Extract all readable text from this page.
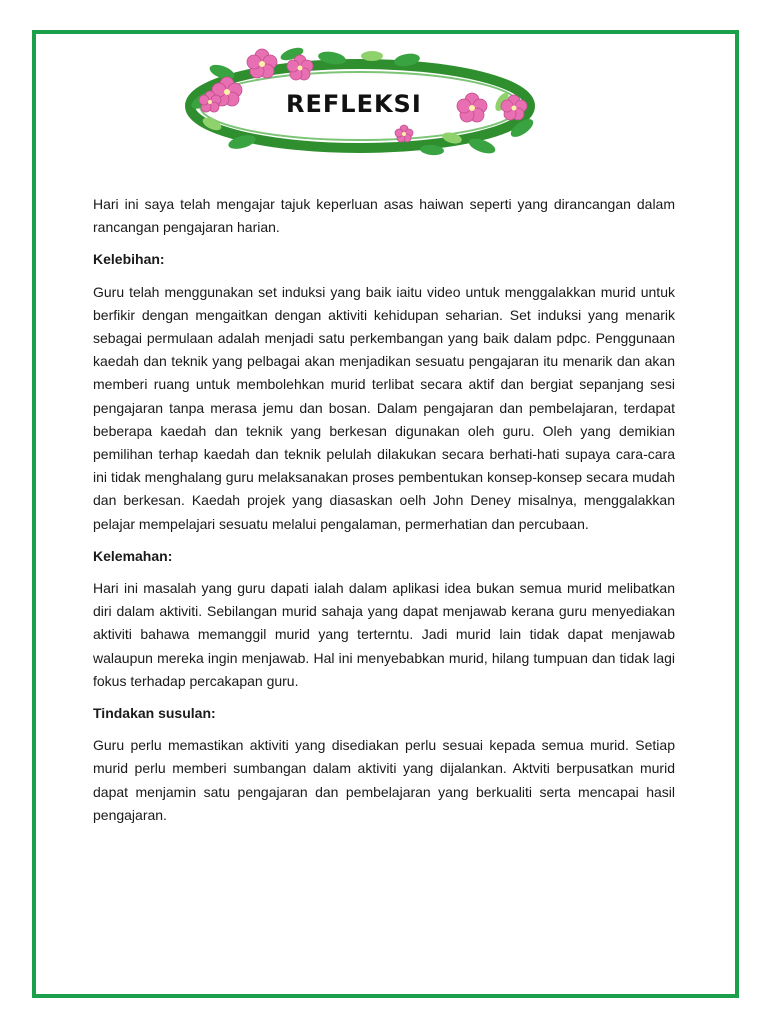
REFLEKSI

Hari ini saya telah mengajar tajuk keperluan asas haiwan seperti yang dirancangan dalam rancangan pengajaran harian.

Kelebihan:

Guru telah menggunakan set induksi yang baik iaitu video untuk menggalakkan murid untuk berfikir dengan mengaitkan dengan aktiviti kehidupan seharian. Set induksi yang menarik sebagai permulaan adalah menjadi satu perkembangan yang baik dalam pdpc. Penggunaan kaedah dan teknik yang pelbagai akan menjadikan sesuatu pengajaran itu menarik dan akan memberi ruang untuk membolehkan murid terlibat secara aktif dan bergiat sepanjang sesi pengajaran tanpa merasa jemu dan bosan. Dalam pengajaran dan pembelajaran, terdapat beberapa kaedah dan teknik yang berkesan digunakan oleh guru. Oleh yang demikian pemilihan terhap kaedah dan teknik pelulah dilakukan secara berhati-hati supaya cara-cara ini tidak menghalang guru melaksanakan proses pembentukan konsep-konsep secara mudah dan berkesan. Kaedah projek yang diasaskan oelh John Deney misalnya, menggalakkan pelajar mempelajari sesuatu melalui pengalaman, permerhatian dan percubaan.

Kelemahan:

Hari ini masalah yang guru dapati ialah dalam aplikasi idea bukan semua murid melibatkan diri dalam aktiviti. Sebilangan murid sahaja yang dapat menjawab kerana guru menyediakan aktiviti bahawa memanggil murid yang terterntu. Jadi murid lain tidak dapat menjawab walaupun mereka ingin menjawab. Hal ini menyebabkan murid, hilang tumpuan dan tidak lagi fokus terhadap percakapan guru.

Tindakan susulan:

Guru perlu memastikan aktiviti yang disediakan perlu sesuai kepada semua murid. Setiap murid perlu memberi sumbangan dalam aktiviti yang dijalankan. Aktviti berpusatkan murid dapat menjamin satu pengajaran dan pembelajaran yang berkualiti serta mencapai hasil pengajaran.
